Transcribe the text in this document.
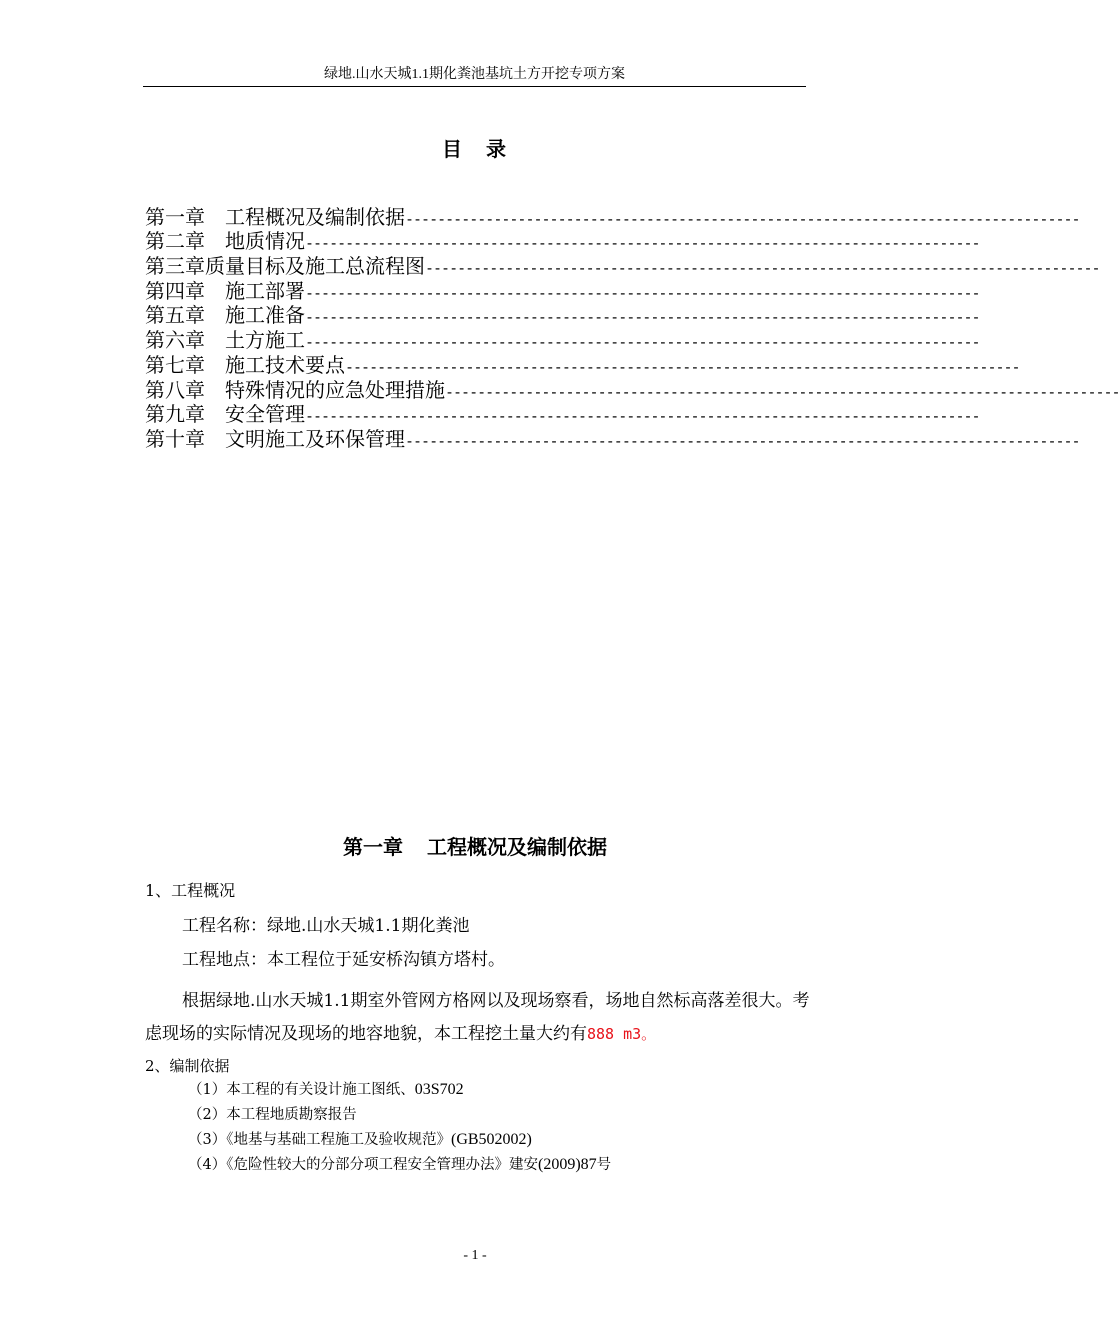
绿地.山水天城1.1期化粪池基坑土方开挖专项方案
目 录
第一章
　 工程概况及编制依据 ------------------------------------------------------------------------------------
第二章
　 地质情况 ------------------------------------------------------------------------------------
第三章 质量目标及施工总流程图 ------------------------------------------------------------------------------------
第四章
　 施工部署 ------------------------------------------------------------------------------------
第五章
　 施工准备 ------------------------------------------------------------------------------------
第六章
　 土方施工 ------------------------------------------------------------------------------------
第七章
　 施工技术要点 ------------------------------------------------------------------------------------
第八章
　 特殊情况的应急处理措施 ------------------------------------------------------------------------------------
第九章
　 安全管理 ------------------------------------------------------------------------------------
第十章
　 文明施工及环保管理 ------------------------------------------------------------------------------------
第一章 工程概况及编制依据
1、工程概况
工程名称：绿地.山水天城1.1期化粪池
工程地点：本工程位于延安桥沟镇方塔村。
根据绿地.山水天城1.1期室外管网方格网以及现场察看，场地自然标高落差很大。考虑现场的实际情况及现场的地容地貌，本工程挖土量大约有888 m3。
2、编制依据
（1）本工程的有关设计施工图纸、03S702
（2）本工程地质勘察报告
（3）《地基与基础工程施工及验收规范》(GB502002)
（4）《危险性较大的分部分项工程安全管理办法》建安(2009)87号
- 1 -
